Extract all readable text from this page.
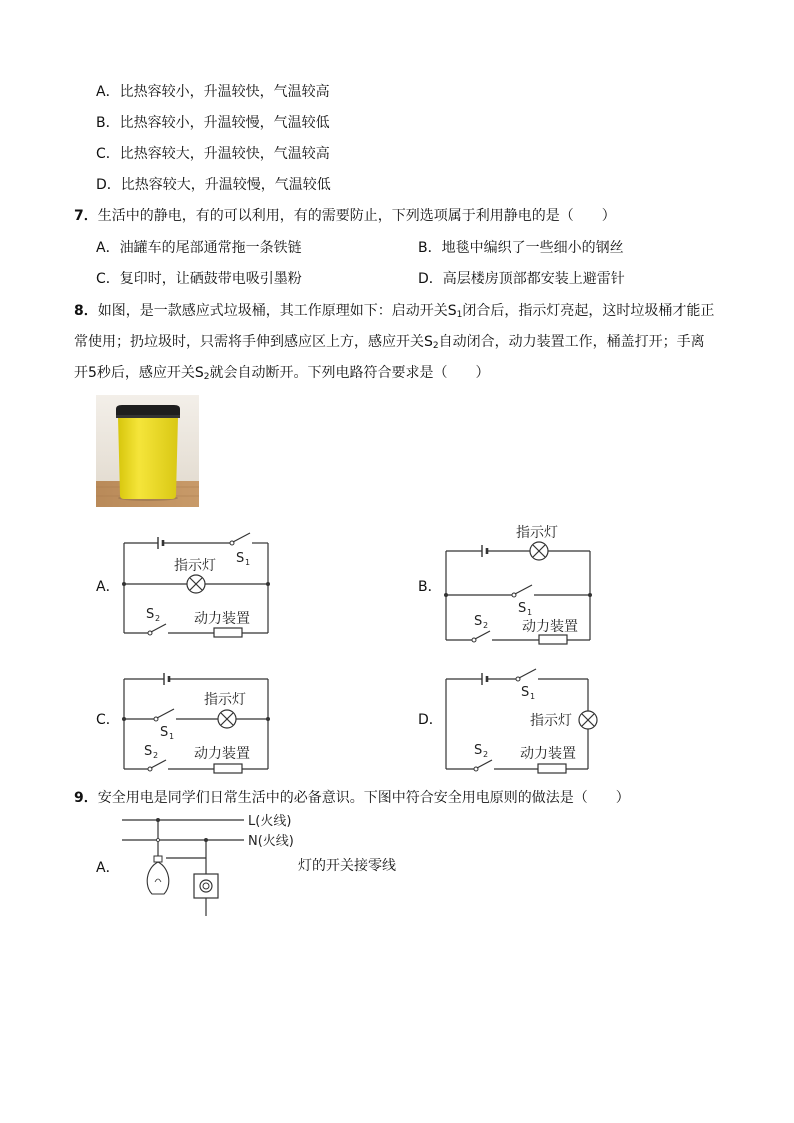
A．比热容较小，升温较快，气温较高
B．比热容较小，升温较慢，气温较低
C．比热容较大，升温较快，气温较高
D．比热容较大，升温较慢，气温较低
7．生活中的静电，有的可以利用，有的需要防止，下列选项属于利用静电的是（　　）
A．油罐车的尾部通常拖一条铁链	B．地毯中编织了一些细小的钢丝
C．复印时，让硒鼓带电吸引墨粉	D．高层楼房顶部都安装上避雷针
8．如图，是一款感应式垃圾桶，其工作原理如下：启动开关$S_1$闭合后，指示灯亮起，这时垃圾桶才能正
常使用；扔垃圾时，只需将手伸到感应区上方，感应开关$S_2$自动闭合，动力装置工作，桶盖打开；手离
开5秒后，感应开关$S_2$就会自动断开。下列电路符合要求是（　　）
A．
S 1
指示灯
S 2 动力装置
B．
指示灯
S 1
S 2 动力装置
C．
指示灯
S 1
S 2	动力装置
D．
S 1
指示灯
S 2 动力装置
9．安全用电是同学们日常生活中的必备意识。下图中符合安全用电原则的做法是（　　）
A．
L(火线)
N(火线)
灯的开关接零线
